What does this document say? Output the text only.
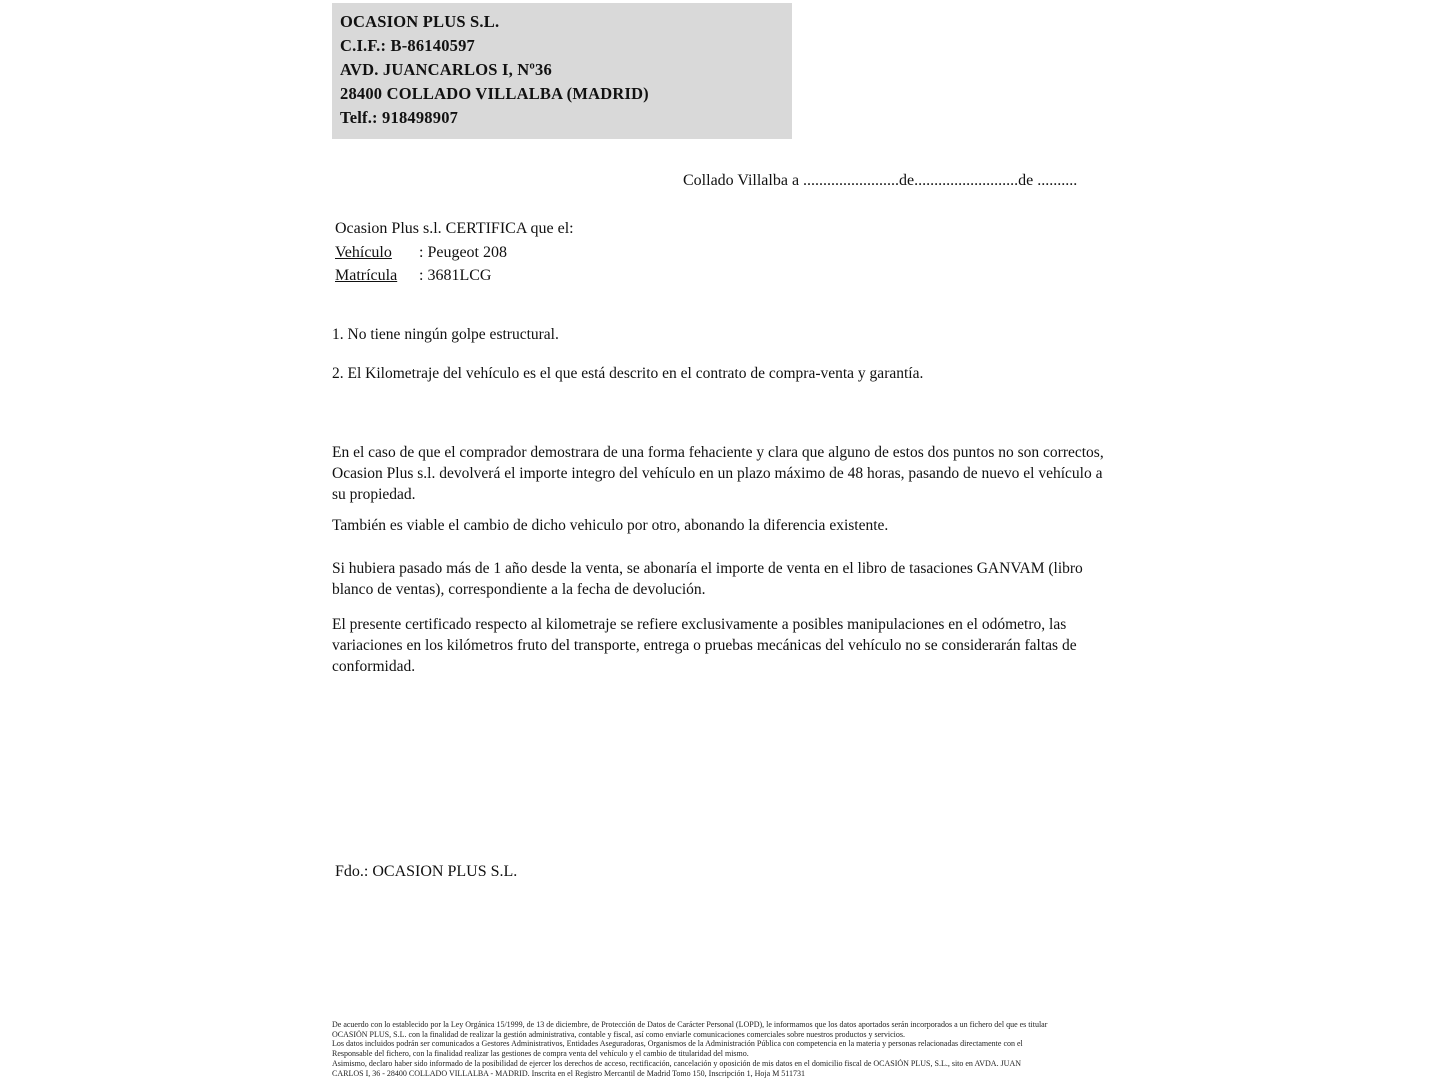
OCASION PLUS S.L.
C.I.F.: B-86140597
AVD. JUANCARLOS I, Nº36
28400 COLLADO VILLALBA (MADRID)
Telf.: 918498907
Collado Villalba a ........................de..........................de ..........
Ocasion Plus s.l. CERTIFICA que el:
Vehículo : Peugeot 208
Matrícula : 3681LCG
1. No tiene ningún golpe estructural.
2. El Kilometraje del vehículo es el que está descrito en el contrato de compra-venta y garantía.
En el caso de que el comprador demostrara de una forma fehaciente y clara que alguno de estos dos puntos no son correctos, Ocasion Plus s.l. devolverá el importe integro del vehículo en un plazo máximo de 48 horas, pasando de nuevo el vehículo a su propiedad.
También es viable el cambio de dicho vehiculo por otro, abonando la diferencia existente.
Si hubiera pasado más de 1 año desde la venta, se abonaría el importe de venta en el libro de tasaciones GANVAM (libro blanco de ventas), correspondiente a la fecha de devolución.
El presente certificado respecto al kilometraje se refiere exclusivamente a posibles manipulaciones en el odómetro, las variaciones en los kilómetros fruto del transporte, entrega o pruebas mecánicas del vehículo no se considerarán faltas de conformidad.
Fdo.: OCASION PLUS S.L.
De acuerdo con lo establecido por la Ley Orgánica 15/1999, de 13 de diciembre, de Protección de Datos de Carácter Personal (LOPD), le informamos que los datos aportados serán incorporados a un fichero del que es titular
OCASIÓN PLUS, S.L. con la finalidad de realizar la gestión administrativa, contable y fiscal, así como enviarle comunicaciones comerciales sobre nuestros productos y servicios.
Los datos incluidos podrán ser comunicados a Gestores Administrativos, Entidades Aseguradoras, Organismos de la Administración Pública con competencia en la materia y personas relacionadas directamente con el
Responsable del fichero, con la finalidad realizar las gestiones de compra venta del vehículo y el cambio de titularidad del mismo.
Asimismo, declaro haber sido informado de la posibilidad de ejercer los derechos de acceso, rectificación, cancelación y oposición de mis datos en el domicilio fiscal de OCASIÓN PLUS, S.L., sito en AVDA. JUAN
CARLOS I, 36 - 28400 COLLADO VILLALBA - MADRID. Inscrita en el Registro Mercantil de Madrid Tomo 150, Inscripción 1, Hoja M 511731
